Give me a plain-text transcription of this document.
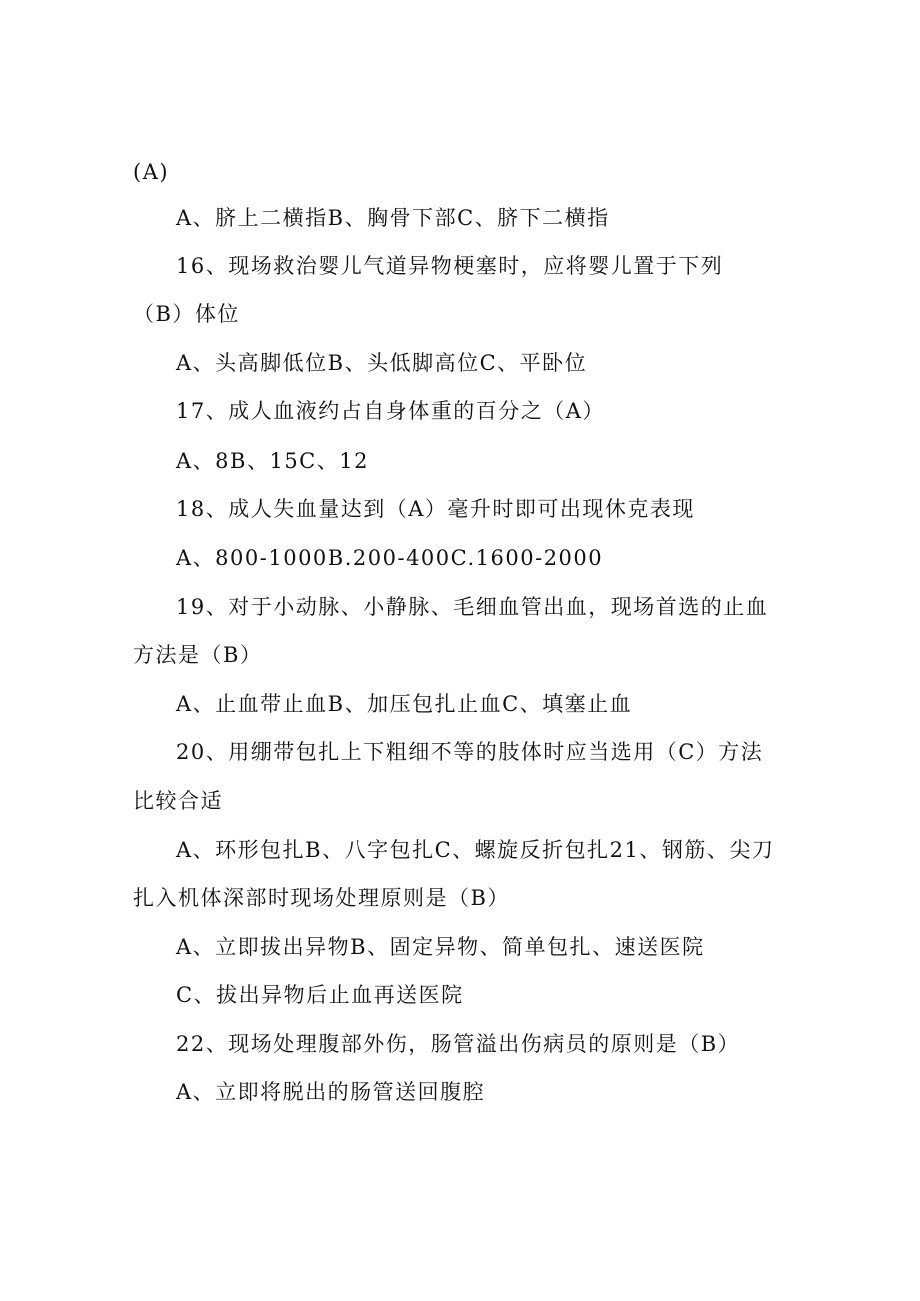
(A)
A、脐上二横指B、胸骨下部C、脐下二横指
16、现场救治婴儿气道异物梗塞时，应将婴儿置于下列
（B）体位
A、头高脚低位B、头低脚高位C、平卧位
17、成人血液约占自身体重的百分之（A）
A、8B、15C、12
18、成人失血量达到（A）毫升时即可出现休克表现
A、800-1000B.200-400C.1600-2000
19、对于小动脉、小静脉、毛细血管出血，现场首选的止血
方法是（B）
A、止血带止血B、加压包扎止血C、填塞止血
20、用绷带包扎上下粗细不等的肢体时应当选用（C）方法
比较合适
A、环形包扎B、八字包扎C、螺旋反折包扎21、钢筋、尖刀
扎入机体深部时现场处理原则是（B）
A、立即拔出异物B、固定异物、简单包扎、速送医院
C、拔出异物后止血再送医院
22、现场处理腹部外伤，肠管溢出伤病员的原则是（B）
A、立即将脱出的肠管送回腹腔
